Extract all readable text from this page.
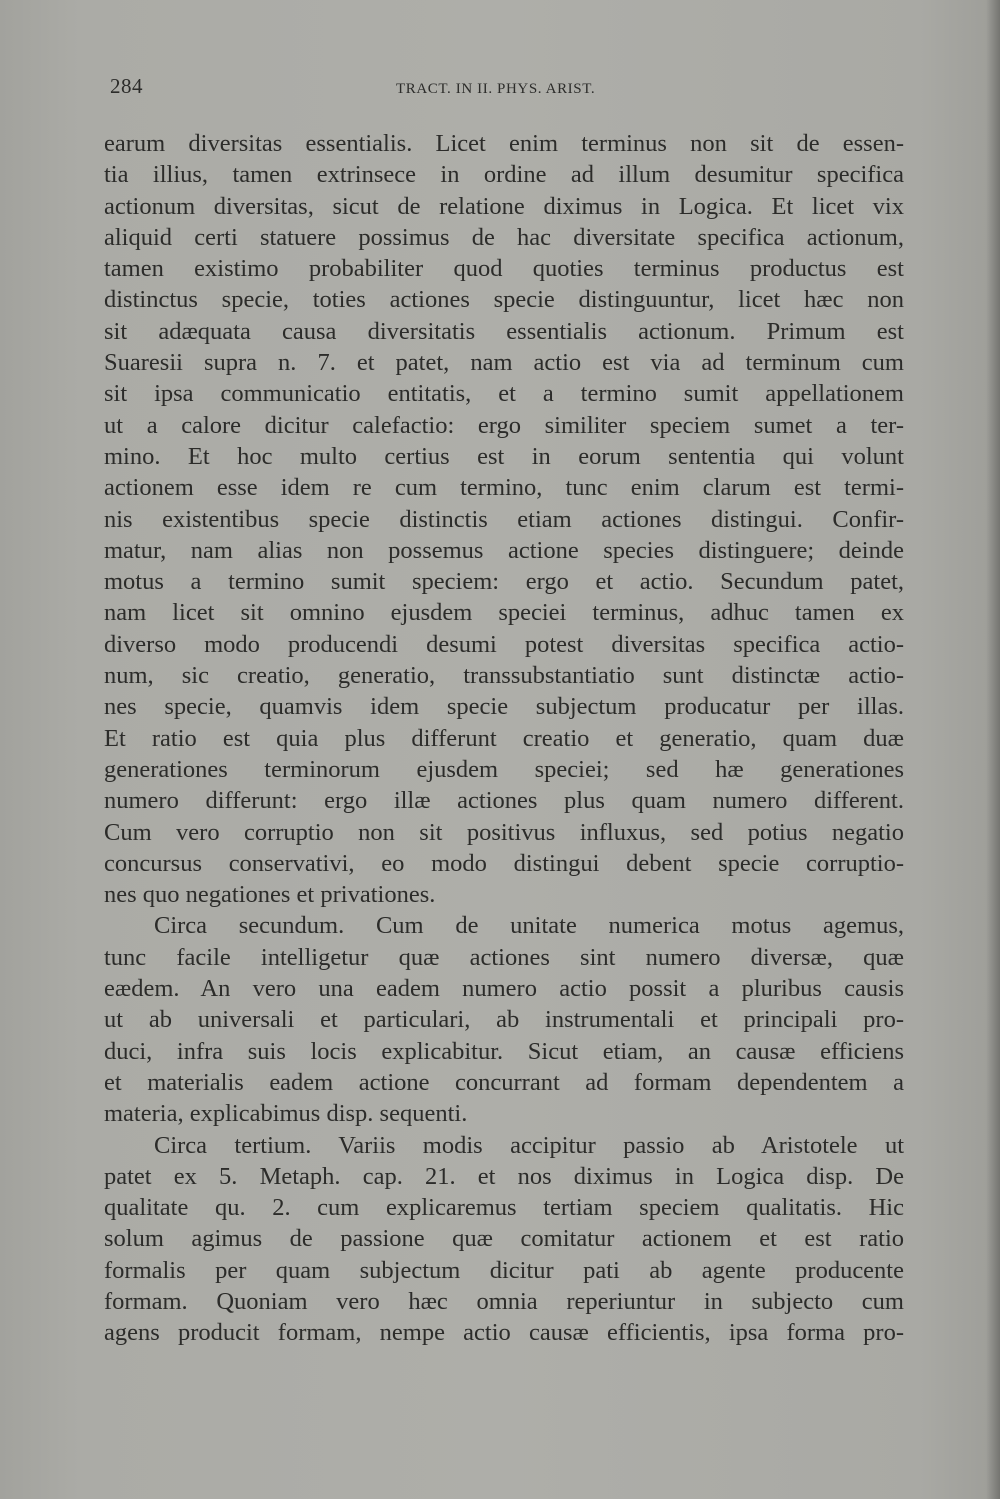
284	TRACT. IN II. PHYS. ARIST.
earum diversitas essentialis. Licet enim terminus non sit de essen-
tia illius, tamen extrinsece in ordine ad illum desumitur specifica
actionum diversitas, sicut de relatione diximus in Logica. Et licet vix
aliquid certi statuere possimus de hac diversitate specifica actionum,
tamen existimo probabiliter quod quoties terminus productus est
distinctus specie, toties actiones specie distinguuntur, licet hæc non
sit adæquata causa diversitatis essentialis actionum. Primum est
Suaresii supra n. 7. et patet, nam actio est via ad terminum cum
sit ipsa communicatio entitatis, et a termino sumit appellationem
ut a calore dicitur calefactio: ergo similiter speciem sumet a ter-
mino. Et hoc multo certius est in eorum sententia qui volunt
actionem esse idem re cum termino, tunc enim clarum est termi-
nis existentibus specie distinctis etiam actiones distingui. Confir-
matur, nam alias non possemus actione species distinguere; deinde
motus a termino sumit speciem: ergo et actio. Secundum patet,
nam licet sit omnino ejusdem speciei terminus, adhuc tamen ex
diverso modo producendi desumi potest diversitas specifica actio-
num, sic creatio, generatio, transsubstantiatio sunt distinctæ actio-
nes specie, quamvis idem specie subjectum producatur per illas.
Et ratio est quia plus differunt creatio et generatio, quam duæ
generationes terminorum ejusdem speciei; sed hæ generationes
numero differunt: ergo illæ actiones plus quam numero different.
Cum vero corruptio non sit positivus influxus, sed potius negatio
concursus conservativi, eo modo distingui debent specie corruptio-
nes quo negationes et privationes.
Circa secundum. Cum de unitate numerica motus agemus,
tunc facile intelligetur quæ actiones sint numero diversæ, quæ
eædem. An vero una eadem numero actio possit a pluribus causis
ut ab universali et particulari, ab instrumentali et principali pro-
duci, infra suis locis explicabitur. Sicut etiam, an causæ efficiens
et materialis eadem actione concurrant ad formam dependentem a
materia, explicabimus disp. sequenti.
Circa tertium. Variis modis accipitur passio ab Aristotele ut
patet ex 5. Metaph. cap. 21. et nos diximus in Logica disp. De
qualitate qu. 2. cum explicaremus tertiam speciem qualitatis. Hic
solum agimus de passione quæ comitatur actionem et est ratio
formalis per quam subjectum dicitur pati ab agente producente
formam. Quoniam vero hæc omnia reperiuntur in subjecto cum
agens producit formam, nempe actio causæ efficientis, ipsa forma pro-
